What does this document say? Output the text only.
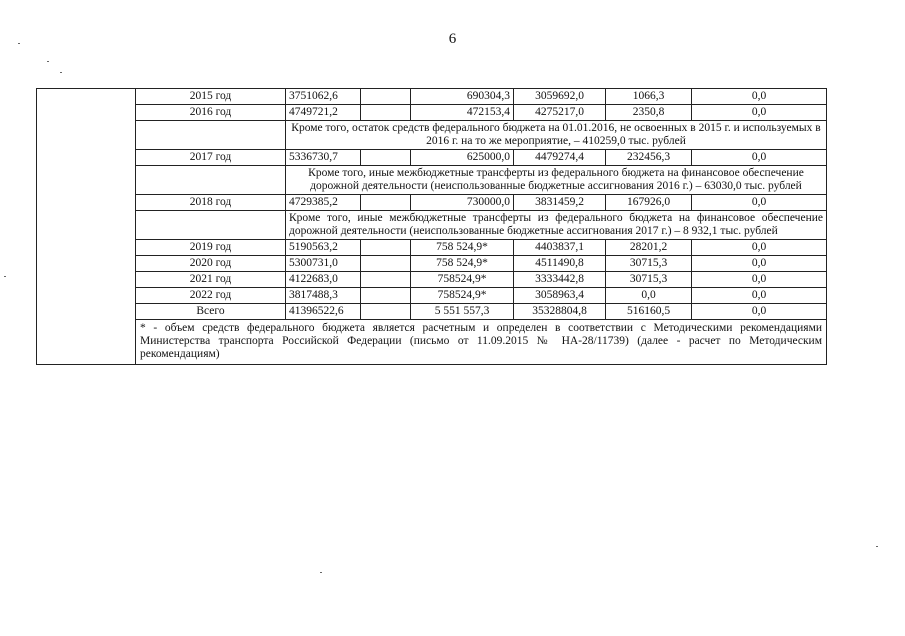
6
	2015 год	3751062,6		690304,3	3059692,0	1066,3	0,0
	2016 год	4749721,2		472153,4	4275217,0	2350,8	0,0
		Кроме того, остаток средств федерального бюджета на 01.01.2016, не освоенных в 2015 г. и используемых в 2016 г. на то же мероприятие, – 410259,0 тыс. рублей					
	2017 год	5336730,7		625000,0	4479274,4	232456,3	0,0
		Кроме того, иные межбюджетные трансферты из федерального бюджета на финансовое обеспечение дорожной деятельности (неиспользованные бюджетные ассигнования 2016 г.) – 63030,0 тыс. рублей					
	2018 год	4729385,2		730000,0	3831459,2	167926,0	0,0
		Кроме того, иные межбюджетные трансферты из федерального бюджета на финансовое обеспечение дорожной деятельности (неиспользованные бюджетные ассигнования 2017 г.) – 8 932,1 тыс. рублей					
	2019 год	5190563,2		758 524,9*	4403837,1	28201,2	0,0
	2020 год	5300731,0		758 524,9*	4511490,8	30715,3	0,0
	2021 год	4122683,0		758524,9*	3333442,8	30715,3	0,0
	2022 год	3817488,3		758524,9*	3058963,4	0,0	0,0
	Всего	41396522,6		5 551 557,3	35328804,8	516160,5	0,0
	* - объем средств федерального бюджета является расчетным и определен в соответствии с Методическими рекомендациями Министерства транспорта Российской Федерации (письмо от 11.09.2015 № НА-28/11739) (далее - расчет по Методическим рекомендациям)						
